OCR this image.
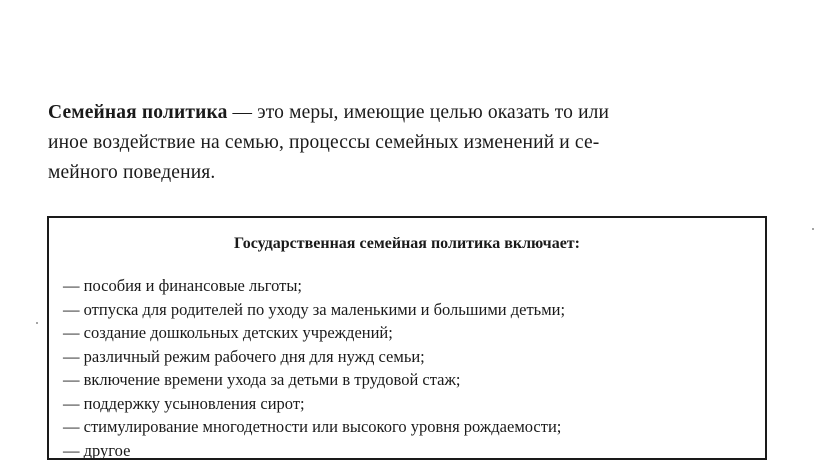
Семейная политика — это меры, имеющие целью оказать то или
иное воздействие на семью, процессы семейных изменений и се-
мейного поведения.
Государственная семейная политика включает:
— пособия и финансовые льготы;
— отпуска для родителей по уходу за маленькими и большими детьми;
— создание дошкольных детских учреждений;
— различный режим рабочего дня для нужд семьи;
— включение времени ухода за детьми в трудовой стаж;
— поддержку усыновления сирот;
— стимулирование многодетности или высокого уровня рождаемости;
— другое
